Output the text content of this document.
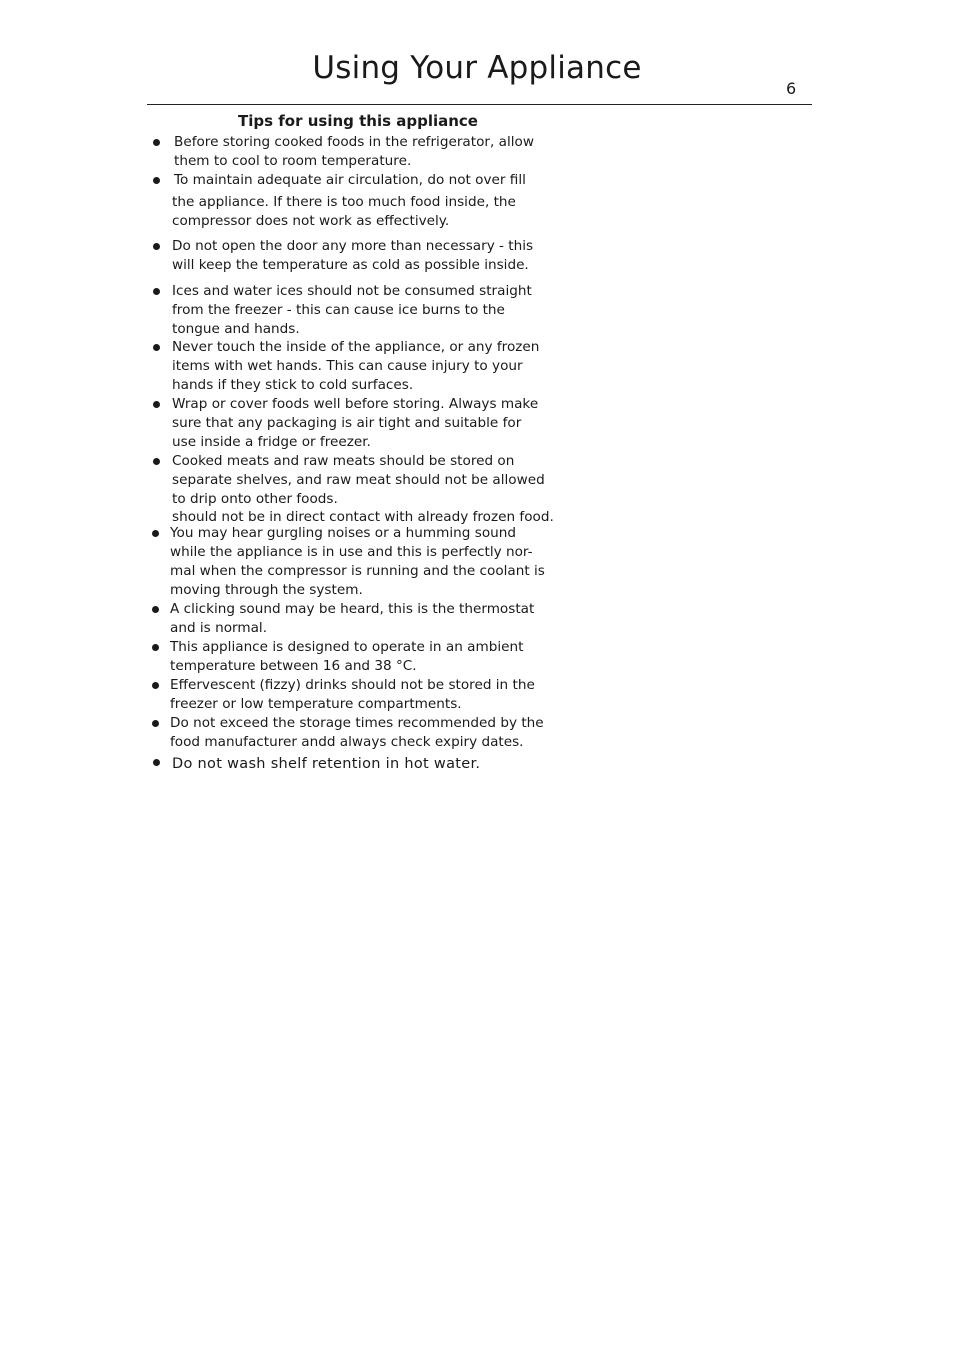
Using Your Appliance
6
Tips for using this appliance
Before storing cooked foods in the refrigerator, allow
them to cool to room temperature.
To maintain adequate air circulation, do not over fill
the appliance. If there is too much food inside, the
compressor does not work as effectively.
Do not open the door any more than necessary - this
will keep the temperature as cold as possible inside.
Ices and water ices should not be consumed straight
from the freezer - this can cause ice burns to the
tongue and hands.
Never touch the inside of the appliance, or any frozen
items with wet hands. This can cause injury to your
hands if they stick to cold surfaces.
Wrap or cover foods well before storing. Always make
sure that any packaging is air tight and suitable for
use inside a fridge or freezer.
Cooked meats and raw meats should be stored on
separate shelves, and raw meat should not be allowed
to drip onto other foods.
should not be in direct contact with already frozen food.
You may hear gurgling noises or a humming sound
while the appliance is in use and this is perfectly nor-
mal when the compressor is running and the coolant is
moving through the system.
A clicking sound may be heard, this is the thermostat
and is normal.
This appliance is designed to operate in an ambient
temperature between 16 and 38 °C.
Effervescent (fizzy) drinks should not be stored in the
freezer or low temperature compartments.
Do not exceed the storage times recommended by the
food manufacturer andd always check expiry dates.
Do not wash shelf retention in hot water.
